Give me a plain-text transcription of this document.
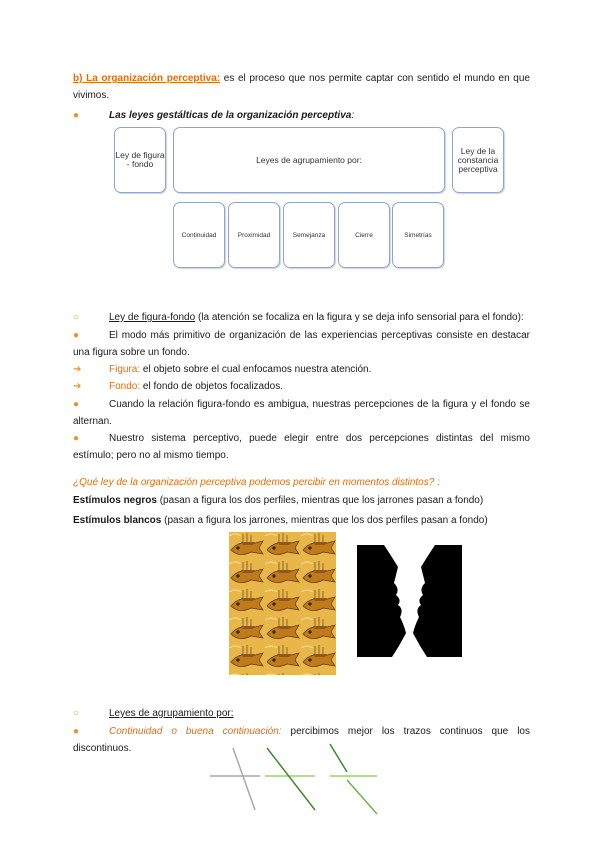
b) La organización perceptiva: es el proceso que nos permite captar con sentido el mundo en que
vivimos.
●	Las leyes gestálticas de la organización perceptiva:
Ley de figura - fondo	Leyes de agrupamiento por:
Ley de la constancia perceptiva
Continuidad	Proximidad	Semejanza	Cierre	Simetrías
○	Ley de figura-fondo (la atención se focaliza en la figura y se deja info sensorial para el fondo):
●	El modo más primitivo de organización de las experiencias perceptivas consiste en destacar
una figura sobre un fondo.
➔	Figura: el objeto sobre el cual enfocamos nuestra atención.
➔	Fondo: el fondo de objetos focalizados.
●	Cuando la relación figura-fondo es ambigua, nuestras percepciones de la figura y el fondo se
alternan.
●	Nuestro sistema perceptivo, puede elegir entre dos percepciones distintas del mismo
estímulo; pero no al mismo tiempo.
¿Qué ley de la organización perceptiva podemos percibir en momentos distintos? :
Estímulos negros (pasan a figura los dos perfiles, mientras que los jarrones pasan a fondo)
Estímulos blancos (pasan a figura los jarrones, mientras que los dos perfiles pasan a fondo)
○	Leyes de agrupamiento por:
●	Continuidad o buena continuación: percibimos mejor los trazos continuos que los
discontinuos.
